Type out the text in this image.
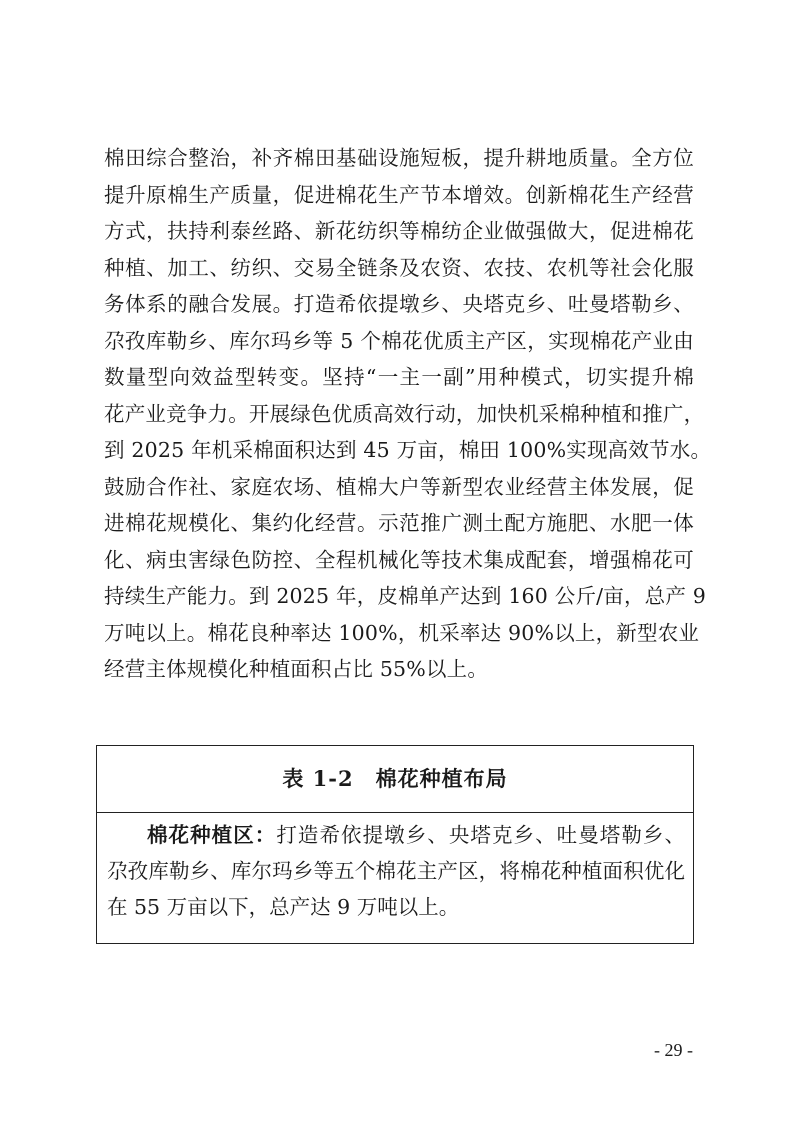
棉田综合整治，补齐棉田基础设施短板，提升耕地质量。全方位
提升原棉生产质量，促进棉花生产节本增效。创新棉花生产经营
方式，扶持利泰丝路、新花纺织等棉纺企业做强做大，促进棉花
种植、加工、纺织、交易全链条及农资、农技、农机等社会化服
务体系的融合发展。打造希依提墩乡、央塔克乡、吐曼塔勒乡、
尕孜库勒乡、库尔玛乡等 5 个棉花优质主产区，实现棉花产业由
数量型向效益型转变。坚持“一主一副”用种模式，切实提升棉
花产业竞争力。开展绿色优质高效行动，加快机采棉种植和推广，
到 2025 年机采棉面积达到 45 万亩，棉田 100%实现高效节水。
鼓励合作社、家庭农场、植棉大户等新型农业经营主体发展，促
进棉花规模化、集约化经营。示范推广测土配方施肥、水肥一体
化、病虫害绿色防控、全程机械化等技术集成配套，增强棉花可
持续生产能力。到 2025 年，皮棉单产达到 160 公斤/亩，总产 9
万吨以上。棉花良种率达 100%，机采率达 90%以上，新型农业
经营主体规模化种植面积占比 55%以上。
表 1-2　棉花种植布局
棉花种植区：打造希依提墩乡、央塔克乡、吐曼塔勒乡、
尕孜库勒乡、库尔玛乡等五个棉花主产区，将棉花种植面积优化
在 55 万亩以下，总产达 9 万吨以上。
- 29 -
